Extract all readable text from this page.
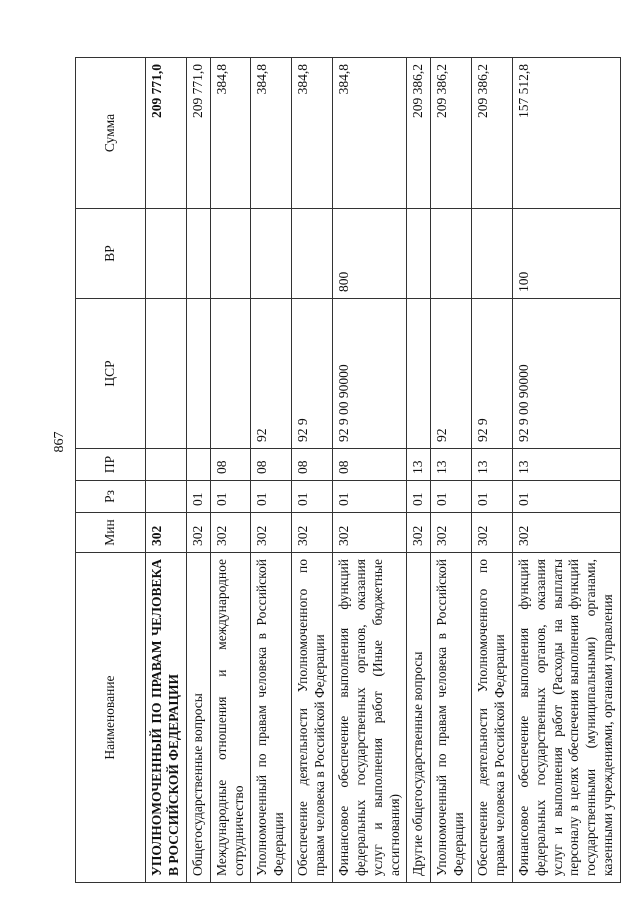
867
Наименование	Мин	Рз	ПР	ЦСР	ВР	Сумма
УПОЛНОМОЧЕННЫЙ ПО ПРАВАМ ЧЕЛОВЕКА В РОССИЙСКОЙ ФЕДЕРАЦИИ	302					209 771,0
Общегосударственные вопросы	302	01				209 771,0
Международные отношения и международное сотрудничество	302	01	08			384,8
Уполномоченный по правам человека в Российской Федерации	302	01	08	92		384,8
Обеспечение деятельности Уполномоченного по правам человека в Российской Федерации	302	01	08	92 9		384,8
Финансовое обеспечение выполнения функций федеральных государственных органов, оказания услуг и выполнения работ (Иные бюджетные ассигнования)	302	01	08	92 9 00 90000	800	384,8
Другие общегосударственные вопросы	302	01	13			209 386,2
Уполномоченный по правам человека в Российской Федерации	302	01	13	92		209 386,2
Обеспечение деятельности Уполномоченного по правам человека в Российской Федерации	302	01	13	92 9		209 386,2
Финансовое обеспечение выполнения функций федеральных государственных органов, оказания услуг и выполнения работ (Расходы на выплаты персоналу в целях обеспечения выполнения функций государственными (муниципальными) органами, казенными учреждениями, органами управления	302	01	13	92 9 00 90000	100	157 512,8
